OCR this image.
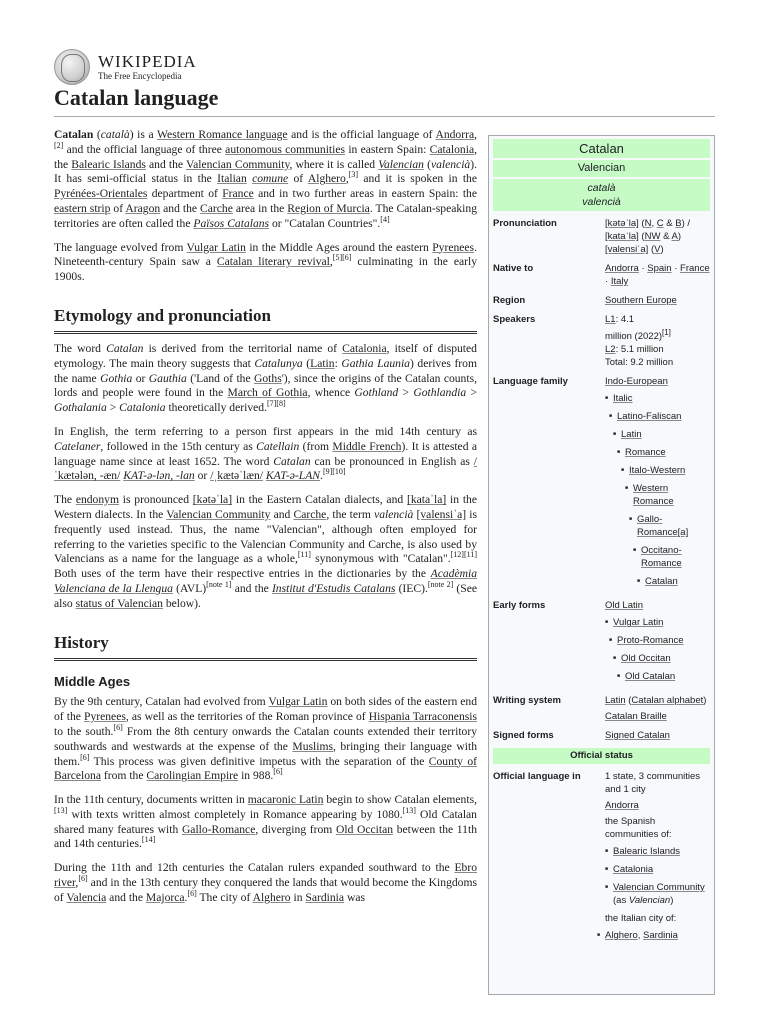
WIKIPEDIA
The Free Encyclopedia
Catalan language

Catalan (català) is a Western Romance language and is the official language of Andorra,[2] and the official language of three autonomous communities in eastern Spain: Catalonia, the Balearic Islands and the Valencian Community, where it is called Valencian (valencià). It has semi-official status in the Italian comune of Alghero,[3] and it is spoken in the Pyrénées-Orientales department of France and in two further areas in eastern Spain: the eastern strip of Aragon and the Carche area in the Region of Murcia. The Catalan-speaking territories are often called the Països Catalans or "Catalan Countries".[4]

The language evolved from Vulgar Latin in the Middle Ages around the eastern Pyrenees. Nineteenth-century Spain saw a Catalan literary revival,[5][6] culminating in the early 1900s.

Etymology and pronunciation

The word Catalan is derived from the territorial name of Catalonia, itself of disputed etymology. The main theory suggests that Catalunya (Latin: Gathia Launia) derives from the name Gothia or Gauthia ('Land of the Goths'), since the origins of the Catalan counts, lords and people were found in the March of Gothia, whence Gothland > Gothlandia > Gothalania > Catalonia theoretically derived.[7][8]

In English, the term referring to a person first appears in the mid 14th century as Catelaner, followed in the 15th century as Catellain (from Middle French). It is attested a language name since at least 1652. The word Catalan can be pronounced in English as /ˈkætələn, -æn/ KAT-ə-lən, -lan or /ˌkætəˈlæn/ KAT-ə-LAN.[9][10]

The endonym is pronounced [kətəˈla] in the Eastern Catalan dialects, and [kataˈla] in the Western dialects. In the Valencian Community and Carche, the term valencià [valensiˈa] is frequently used instead. Thus, the name "Valencian", although often employed for referring to the varieties specific to the Valencian Community and Carche, is also used by Valencians as a name for the language as a whole,[11] synonymous with "Catalan".[12][11] Both uses of the term have their respective entries in the dictionaries by the Acadèmia Valenciana de la Llengua (AVL)[note 1] and the Institut d'Estudis Catalans (IEC).[note 2] (See also status of Valencian below).

History
Middle Ages

By the 9th century, Catalan had evolved from Vulgar Latin on both sides of the eastern end of the Pyrenees, as well as the territories of the Roman province of Hispania Tarraconensis to the south.[6] From the 8th century onwards the Catalan counts extended their territory southwards and westwards at the expense of the Muslims, bringing their language with them.[6] This process was given definitive impetus with the separation of the County of Barcelona from the Carolingian Empire in 988.[6]

In the 11th century, documents written in macaronic Latin begin to show Catalan elements,[13] with texts written almost completely in Romance appearing by 1080.[13] Old Catalan shared many features with Gallo-Romance, diverging from Old Occitan between the 11th and 14th centuries.[14]

During the 11th and 12th centuries the Catalan rulers expanded southward to the Ebro river,[6] and in the 13th century they conquered the lands that would become the Kingdoms of Valencia and the Majorca.[6] The city of Alghero in Sardinia was

Catalan
Valencian
català
valencià
Pronunciation	[kətəˈla] (N, C & B) / [kataˈla] (NW & A) [valensiˈa] (V)
Native to	Andorra · Spain · France · Italy
Region	Southern Europe
Speakers	L1: 4.1
million (2022)[1]
L2: 5.1 million
Total: 9.2 million
Language family	Indo-European
■ Italic
■ Latino-Faliscan
■ Latin
■ Romance
■ Italo-Western
■ Western Romance
■ Gallo-Romance[a]
■ Occitano-Romance
■ Catalan
Early forms	Old Latin
■ Vulgar Latin
■ Proto-Romance
■ Old Occitan
■ Old Catalan
Writing system	Latin (Catalan alphabet)

Catalan Braille
Signed forms	Signed Catalan
Official status
Official language in	1 state, 3 communities and 1 city

Andorra
the Spanish communities of:
■ Balearic Islands
■ Catalonia
■ Valencian Community (as Valencian)
the Italian city of:
■ Alghero, Sardinia
